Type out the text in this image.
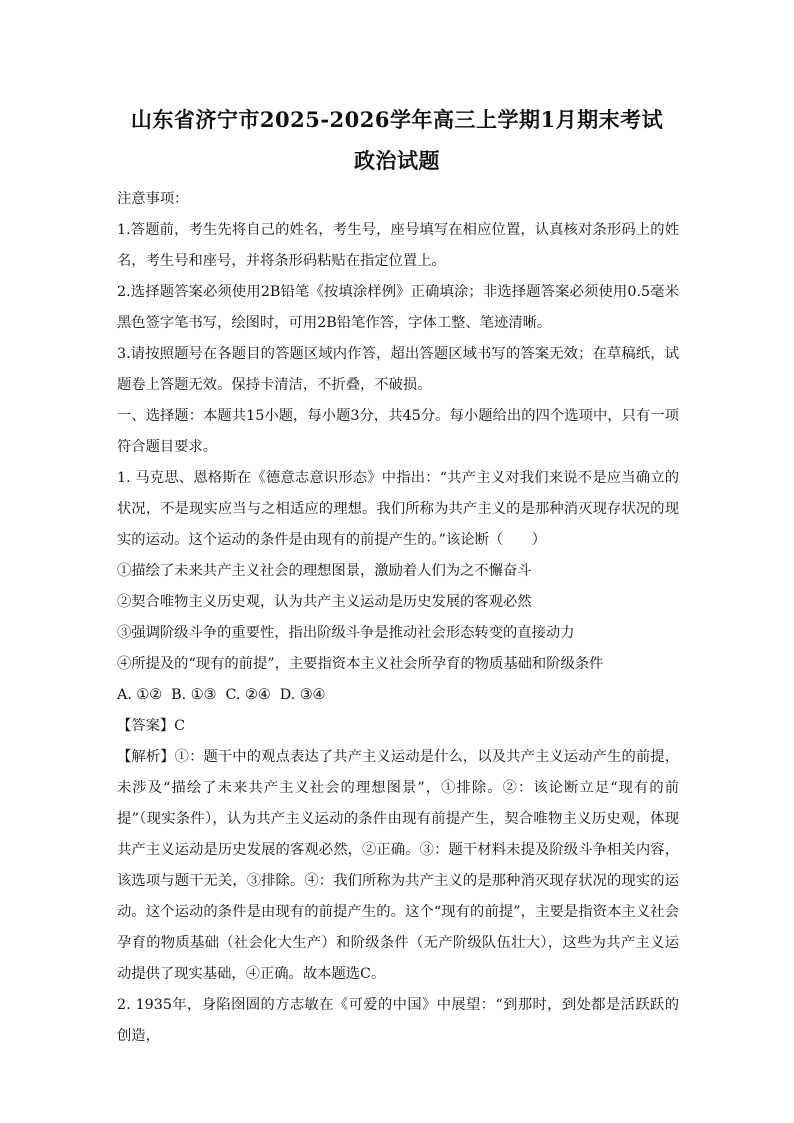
山东省济宁市2025-2026学年高三上学期1月期末考试
政治试题

注意事项：

1.答题前，考生先将自己的姓名，考生号，座号填写在相应位置，认真核对条形码上的姓名，考生号和座号，并将条形码粘贴在指定位置上。

2.选择题答案必须使用2B铅笔《按填涂样例》正确填涂；非选择题答案必须使用0.5毫米黑色签字笔书写，绘图时，可用2B铅笔作答，字体工整、笔迹清晰。

3.请按照题号在各题目的答题区域内作答，超出答题区域书写的答案无效；在草稿纸，试题卷上答题无效。保持卡清洁，不折叠，不破损。

一、选择题：本题共15小题，每小题3分，共45分。每小题给出的四个选项中，只有一项符合题目要求。

1. 马克思、恩格斯在《德意志意识形态》中指出：“共产主义对我们来说不是应当确立的状况，不是现实应当与之相适应的理想。我们所称为共产主义的是那种消灭现存状况的现实的运动。这个运动的条件是由现有的前提产生的。”该论断（　　）

①描绘了未来共产主义社会的理想图景，激励着人们为之不懈奋斗

②契合唯物主义历史观，认为共产主义运动是历史发展的客观必然

③强调阶级斗争的重要性，指出阶级斗争是推动社会形态转变的直接动力

④所提及的“现有的前提”，主要指资本主义社会所孕育的物质基础和阶级条件

A. ①②  B. ①③  C. ②④  D. ③④

【答案】C

【解析】①：题干中的观点表达了共产主义运动是什么，以及共产主义运动产生的前提，未涉及“描绘了未来共产主义社会的理想图景”，①排除。②：该论断立足“现有的前提”（现实条件），认为共产主义运动的条件由现有前提产生，契合唯物主义历史观，体现共产主义运动是历史发展的客观必然，②正确。③：题干材料未提及阶级斗争相关内容，该选项与题干无关，③排除。④：我们所称为共产主义的是那种消灭现存状况的现实的运动。这个运动的条件是由现有的前提产生的。这个“现有的前提”，主要是指资本主义社会孕育的物质基础（社会化大生产）和阶级条件（无产阶级队伍壮大），这些为共产主义运动提供了现实基础，④正确。故本题选C。

2. 1935年，身陷囹圄的方志敏在《可爱的中国》中展望：“到那时，到处都是活跃跃的创造，
